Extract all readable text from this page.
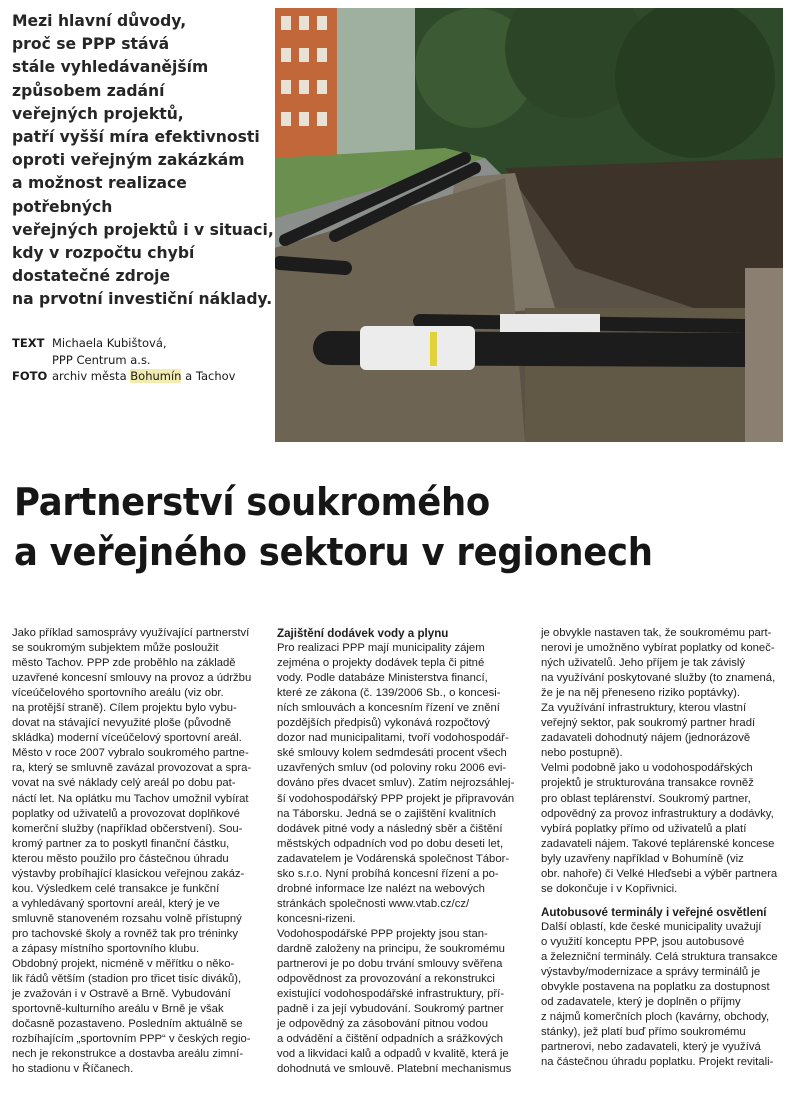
Mezi hlavní důvody,
proč se PPP stává
stále vyhledávanějším
způsobem zadání
veřejných projektů,
patří vyšší míra efektivnosti
oproti veřejným zakázkám
a možnost realizace
potřebných
veřejných projektů i v situaci,
kdy v rozpočtu chybí
dostatečné zdroje
na prvotní investiční náklady.
TEXT Michaela Kubištová,
PPP Centrum a.s.
FOTO archiv města Bohumín a Tachov
Partnerství soukromého
a veřejného sektoru v regionech
Jako příklad samosprávy využívající partnerství
se soukromým subjektem může posloužit
město Tachov. PPP zde proběhlo na základě
uzavřené koncesní smlouvy na provoz a údržbu
víceúčelového sportovního areálu (viz obr.
na protější straně). Cílem projektu bylo vybu-
dovat na stávající nevyužité ploše (původně
skládka) moderní víceúčelový sportovní areál.
Město v roce 2007 vybralo soukromého partne-
ra, který se smluvně zavázal provozovat a spra-
vovat na své náklady celý areál po dobu pat-
náctí let. Na oplátku mu Tachov umožnil vybírat
poplatky od uživatelů a provozovat doplňkové
komerční služby (například občerstvení). Sou-
kromý partner za to poskytl finanční částku,
kterou město použilo pro částečnou úhradu
výstavby probíhající klasickou veřejnou zakáz-
kou. Výsledkem celé transakce je funkční
a vyhledávaný sportovní areál, který je ve
smluvně stanoveném rozsahu volně přístupný
pro tachovské školy a rovněž tak pro tréninky
a zápasy místního sportovního klubu.
Obdobný projekt, nicméně v měřítku o něko-
lik řádů větším (stadion pro třicet tisíc diváků),
je zvažován i v Ostravě a Brně. Vybudování
sportovně-kulturního areálu v Brně je však
dočasně pozastaveno. Posledním aktuálně se
rozbíhajícím „sportovním PPP“ v českých regio-
nech je rekonstrukce a dostavba areálu zimní-
ho stadionu v Říčanech.
Zajištění dodávek vody a plynu
Pro realizaci PPP mají municipality zájem
zejména o projekty dodávek tepla či pitné
vody. Podle databáze Ministerstva financí,
které ze zákona (č. 139/2006 Sb., o koncesi-
ních smlouvách a koncesním řízení ve znění
pozdějších předpisů) vykonává rozpočtový
dozor nad municipalitami, tvoří vodohospodář-
ské smlouvy kolem sedmdesáti procent všech
uzavřených smluv (od poloviny roku 2006 evi-
dováno přes dvacet smluv). Zatím nejrozsáhlej-
ší vodohospodářský PPP projekt je připravován
na Táborsku. Jedná se o zajištění kvalitních
dodávek pitné vody a následný sběr a čištění
městských odpadních vod po dobu deseti let,
zadavatelem je Vodárenská společnost Tábor-
sko s.r.o. Nyní probíhá koncesní řízení a po-
drobné informace lze nalézt na webových
stránkách společnosti www.vtab.cz/cz/
koncesni-rizeni.
Vodohospodářské PPP projekty jsou stan-
dardně založeny na principu, že soukromému
partnerovi je po dobu trvání smlouvy svěřena
odpovědnost za provozování a rekonstrukci
existující vodohospodářské infrastruktury, pří-
padně i za její vybudování. Soukromý partner
je odpovědný za zásobování pitnou vodou
a odvádění a čištění odpadních a srážkových
vod a likvidaci kalů a odpadů v kvalitě, která je
dohodnutá ve smlouvě. Platební mechanismus
je obvykle nastaven tak, že soukromému part-
nerovi je umožněno vybírat poplatky od koneč-
ných uživatelů. Jeho příjem je tak závislý
na využívání poskytované služby (to znamená,
že je na něj přeneseno riziko poptávky).
Za využívání infrastruktury, kterou vlastní
veřejný sektor, pak soukromý partner hradí
zadavateli dohodnutý nájem (jednorázově
nebo postupně).
Velmi podobně jako u vodohospodářských
projektů je strukturována transakce rovněž
pro oblast teplárenství. Soukromý partner,
odpovědný za provoz infrastruktury a dodávky,
vybírá poplatky přímo od uživatelů a platí
zadavateli nájem. Takové teplárenské koncese
byly uzavřeny například v Bohumíně (viz
obr. nahoře) či Velké Hleďsebi a výběr partnera
se dokončuje i v Kopřivnici.
Autobusové terminály i veřejné osvětlení
Další oblastí, kde české municipality uvažují
o využití konceptu PPP, jsou autobusové
a železniční terminály. Celá struktura transakce
výstavby/modernizace a správy terminálů je
obvykle postavena na poplatku za dostupnost
od zadavatele, který je doplněn o příjmy
z nájmů komerčních ploch (kavárny, obchody,
stánky), jež platí buď přímo soukromému
partnerovi, nebo zadavateli, který je využívá
na částečnou úhradu poplatku. Projekt revitali-
